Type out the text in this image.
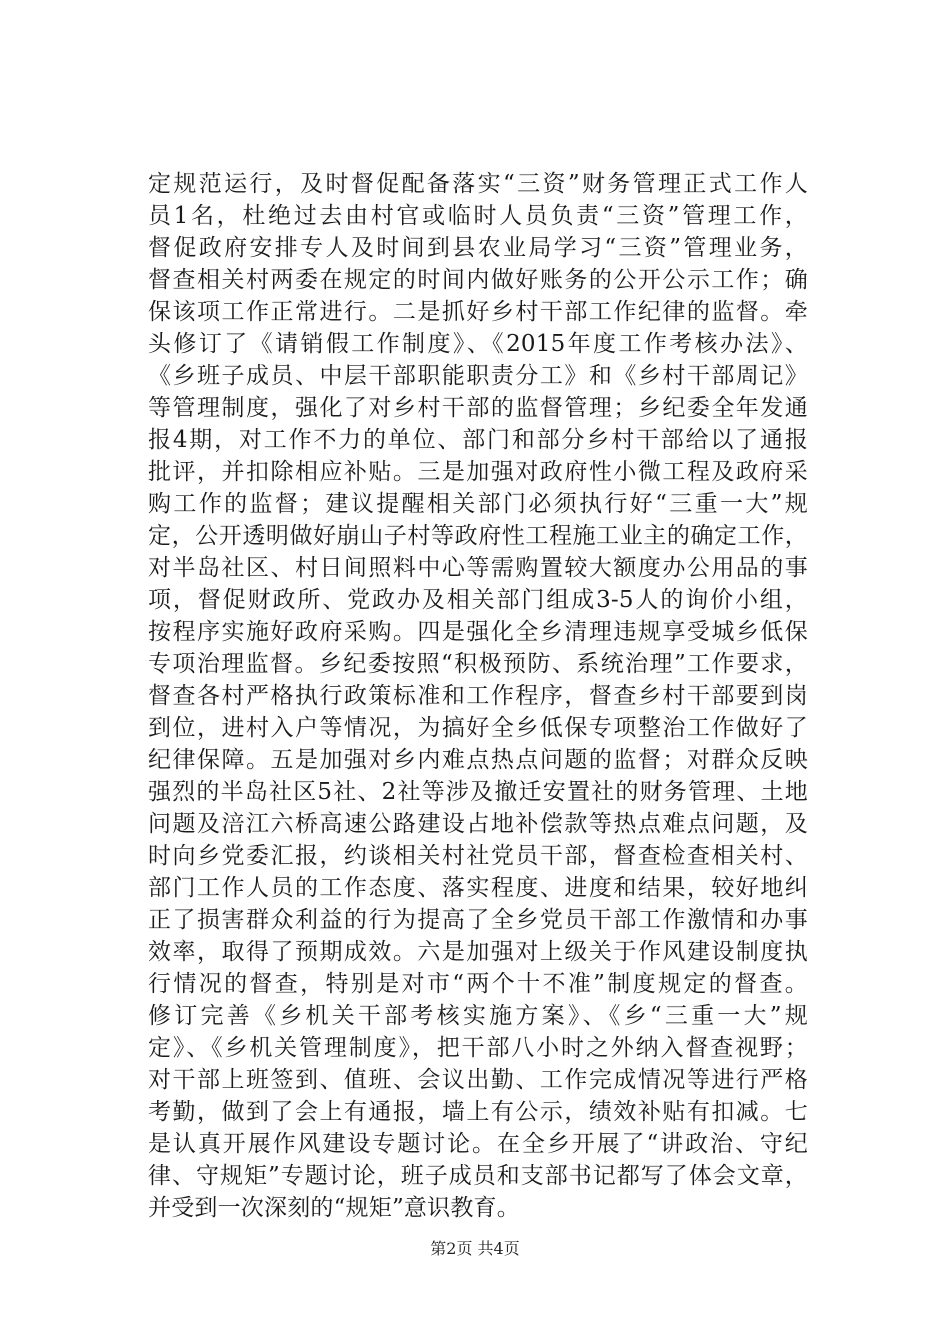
定规范运行，及时督促配备落实“三资”财务管理正式工作人
员1名，杜绝过去由村官或临时人员负责“三资”管理工作，
督促政府安排专人及时间到县农业局学习“三资”管理业务，
督查相关村两委在规定的时间内做好账务的公开公示工作；确
保该项工作正常进行。二是抓好乡村干部工作纪律的监督。牵
头修订了《请销假工作制度》、《2015年度工作考核办法》、
《乡班子成员、中层干部职能职责分工》和《乡村干部周记》
等管理制度，强化了对乡村干部的监督管理；乡纪委全年发通
报4期，对工作不力的单位、部门和部分乡村干部给以了通报
批评，并扣除相应补贴。三是加强对政府性小微工程及政府采
购工作的监督；建议提醒相关部门必须执行好“三重一大”规
定，公开透明做好崩山子村等政府性工程施工业主的确定工作，
对半岛社区、村日间照料中心等需购置较大额度办公用品的事
项，督促财政所、党政办及相关部门组成3-5人的询价小组，
按程序实施好政府采购。四是强化全乡清理违规享受城乡低保
专项治理监督。乡纪委按照“积极预防、系统治理”工作要求，
督查各村严格执行政策标准和工作程序，督查乡村干部要到岗
到位，进村入户等情况，为搞好全乡低保专项整治工作做好了
纪律保障。五是加强对乡内难点热点问题的监督；对群众反映
强烈的半岛社区5社、2社等涉及撤迁安置社的财务管理、土地
问题及涪江六桥高速公路建设占地补偿款等热点难点问题，及
时向乡党委汇报，约谈相关村社党员干部，督查检查相关村、
部门工作人员的工作态度、落实程度、进度和结果，较好地纠
正了损害群众利益的行为提高了全乡党员干部工作激情和办事
效率，取得了预期成效。六是加强对上级关于作风建设制度执
行情况的督查，特别是对市“两个十不准”制度规定的督查。
修订完善《乡机关干部考核实施方案》、《乡“三重一大”规
定》、《乡机关管理制度》，把干部八小时之外纳入督查视野；
对干部上班签到、值班、会议出勤、工作完成情况等进行严格
考勤，做到了会上有通报，墙上有公示，绩效补贴有扣减。七
是认真开展作风建设专题讨论。在全乡开展了“讲政治、守纪
律、守规矩”专题讨论，班子成员和支部书记都写了体会文章，
并受到一次深刻的“规矩”意识教育。
第2页 共4页
